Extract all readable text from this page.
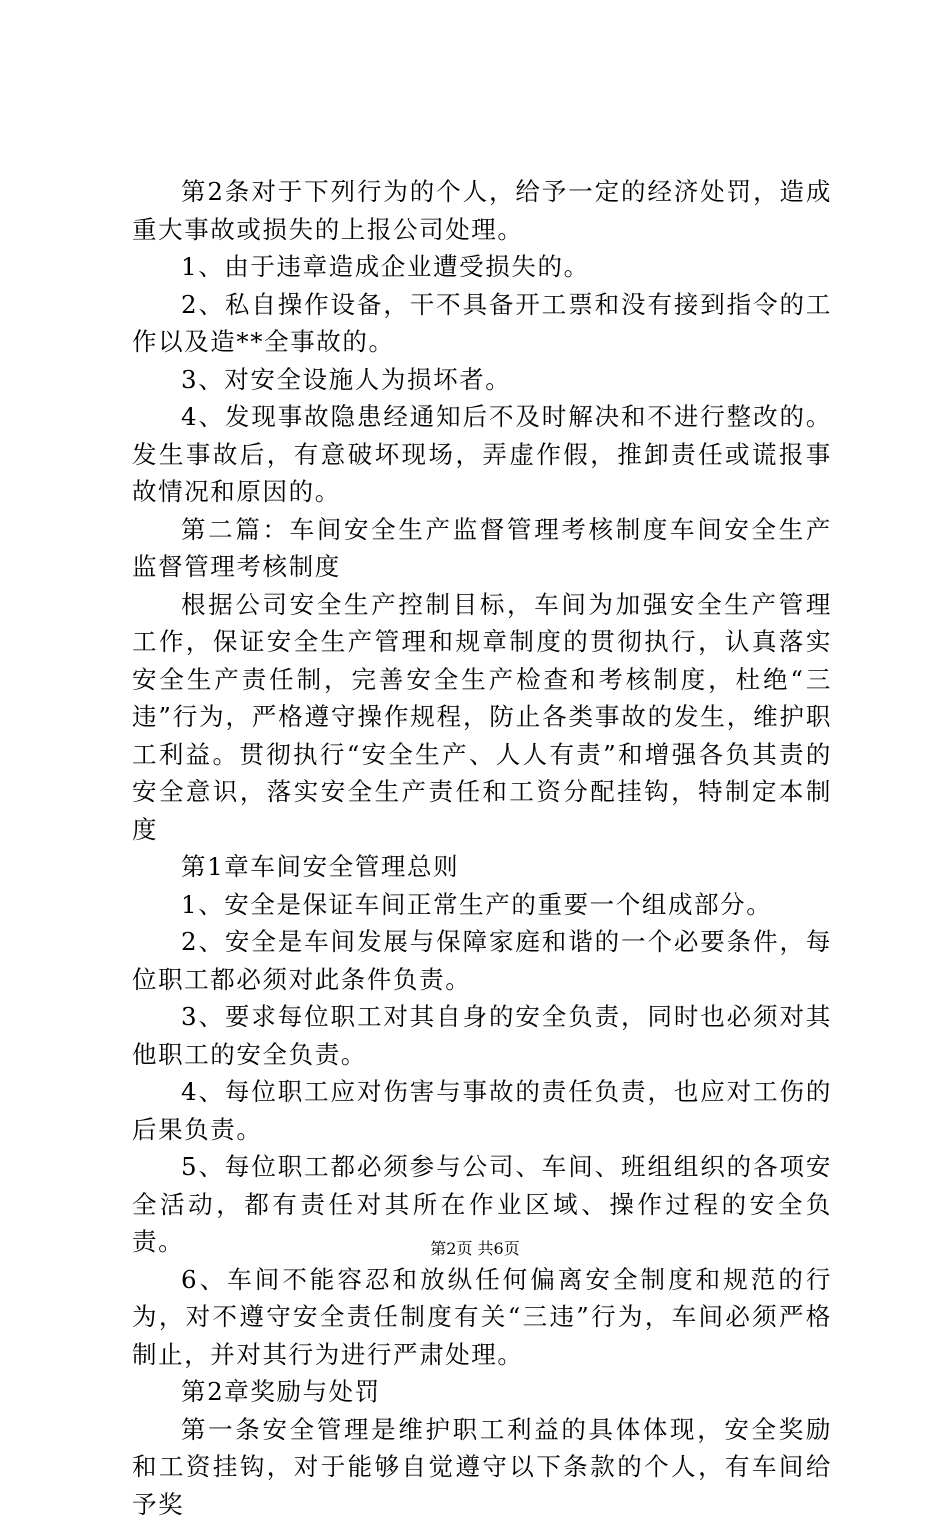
第2条对于下列行为的个人，给予一定的经济处罚，造成重大事故或损失的上报公司处理。

1、由于违章造成企业遭受损失的。

2、私自操作设备，干不具备开工票和没有接到指令的工作以及造**全事故的。

3、对安全设施人为损坏者。

4、发现事故隐患经通知后不及时解决和不进行整改的。发生事故后，有意破坏现场，弄虚作假，推卸责任或谎报事故情况和原因的。

第二篇：车间安全生产监督管理考核制度车间安全生产监督管理考核制度

根据公司安全生产控制目标，车间为加强安全生产管理工作，保证安全生产管理和规章制度的贯彻执行，认真落实安全生产责任制，完善安全生产检查和考核制度，杜绝“三违”行为，严格遵守操作规程，防止各类事故的发生，维护职工利益。贯彻执行“安全生产、人人有责”和增强各负其责的安全意识，落实安全生产责任和工资分配挂钩，特制定本制度

第1章车间安全管理总则

1、安全是保证车间正常生产的重要一个组成部分。

2、安全是车间发展与保障家庭和谐的一个必要条件，每位职工都必须对此条件负责。

3、要求每位职工对其自身的安全负责，同时也必须对其他职工的安全负责。

4、每位职工应对伤害与事故的责任负责，也应对工伤的后果负责。

5、每位职工都必须参与公司、车间、班组组织的各项安全活动，都有责任对其所在作业区域、操作过程的安全负责。

6、车间不能容忍和放纵任何偏离安全制度和规范的行为，对不遵守安全责任制度有关“三违”行为，车间必须严格制止，并对其行为进行严肃处理。

第2章奖励与处罚

第一条安全管理是维护职工利益的具体体现，安全奖励和工资挂钩，对于能够自觉遵守以下条款的个人，有车间给予奖

第2页 共6页
